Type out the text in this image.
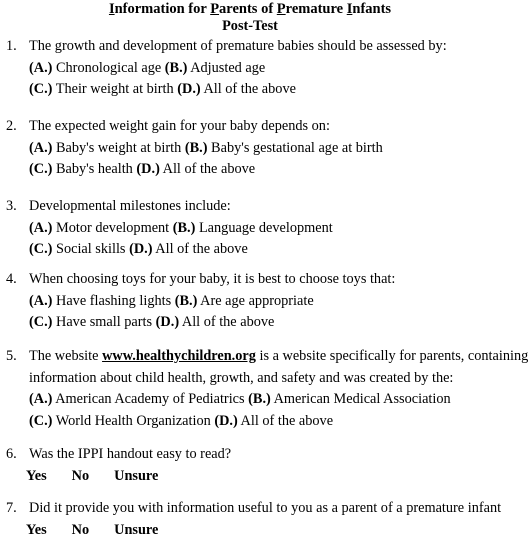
Information for Parents of Premature Infants
Post-Test
1. The growth and development of premature babies should be assessed by:
(A.) Chronological age (B.) Adjusted age
(C.) Their weight at birth (D.) All of the above
2. The expected weight gain for your baby depends on:
(A.) Baby's weight at birth (B.) Baby's gestational age at birth
(C.) Baby's health (D.) All of the above
3. Developmental milestones include:
(A.) Motor development (B.) Language development
(C.) Social skills (D.) All of the above
4. When choosing toys for your baby, it is best to choose toys that:
(A.) Have flashing lights (B.) Are age appropriate
(C.) Have small parts (D.) All of the above
5. The website www.healthychildren.org is a website specifically for parents, containing
information about child health, growth, and safety and was created by the:
(A.) American Academy of Pediatrics (B.) American Medical Association
(C.) World Health Organization (D.) All of the above
6. Was the IPPI handout easy to read?
Yes No Unsure
7. Did it provide you with information useful to you as a parent of a premature infant
Yes No Unsure
